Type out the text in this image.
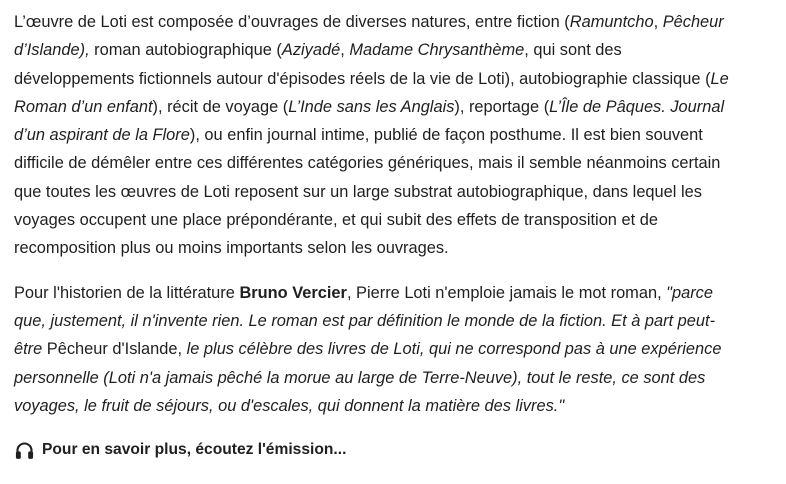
L’œuvre de Loti est composée d’ouvrages de diverses natures, entre fiction (Ramuntcho, Pêcheur
d’Islande), roman autobiographique (Aziyadé, Madame Chrysanthème, qui sont des
développements fictionnels autour d'épisodes réels de la vie de Loti), autobiographie classique (Le
Roman d’un enfant), récit de voyage (L’Inde sans les Anglais), reportage (L’Île de Pâques. Journal
d’un aspirant de la Flore), ou enfin journal intime, publié de façon posthume. Il est bien souvent
difficile de démêler entre ces différentes catégories génériques, mais il semble néanmoins certain
que toutes les œuvres de Loti reposent sur un large substrat autobiographique, dans lequel les
voyages occupent une place prépondérante, et qui subit des effets de transposition et de
recomposition plus ou moins importants selon les ouvrages.

Pour l'historien de la littérature Bruno Vercier, Pierre Loti n'emploie jamais le mot roman, "parce
que, justement, il n'invente rien. Le roman est par définition le monde de la fiction. Et à part peut-
être Pêcheur d'Islande, le plus célèbre des livres de Loti, qui ne correspond pas à une expérience
personnelle (Loti n'a jamais pêché la morue au large de Terre-Neuve), tout le reste, ce sont des
voyages, le fruit de séjours, ou d'escales, qui donnent la matière des livres."

Pour en savoir plus, écoutez l'émission...
